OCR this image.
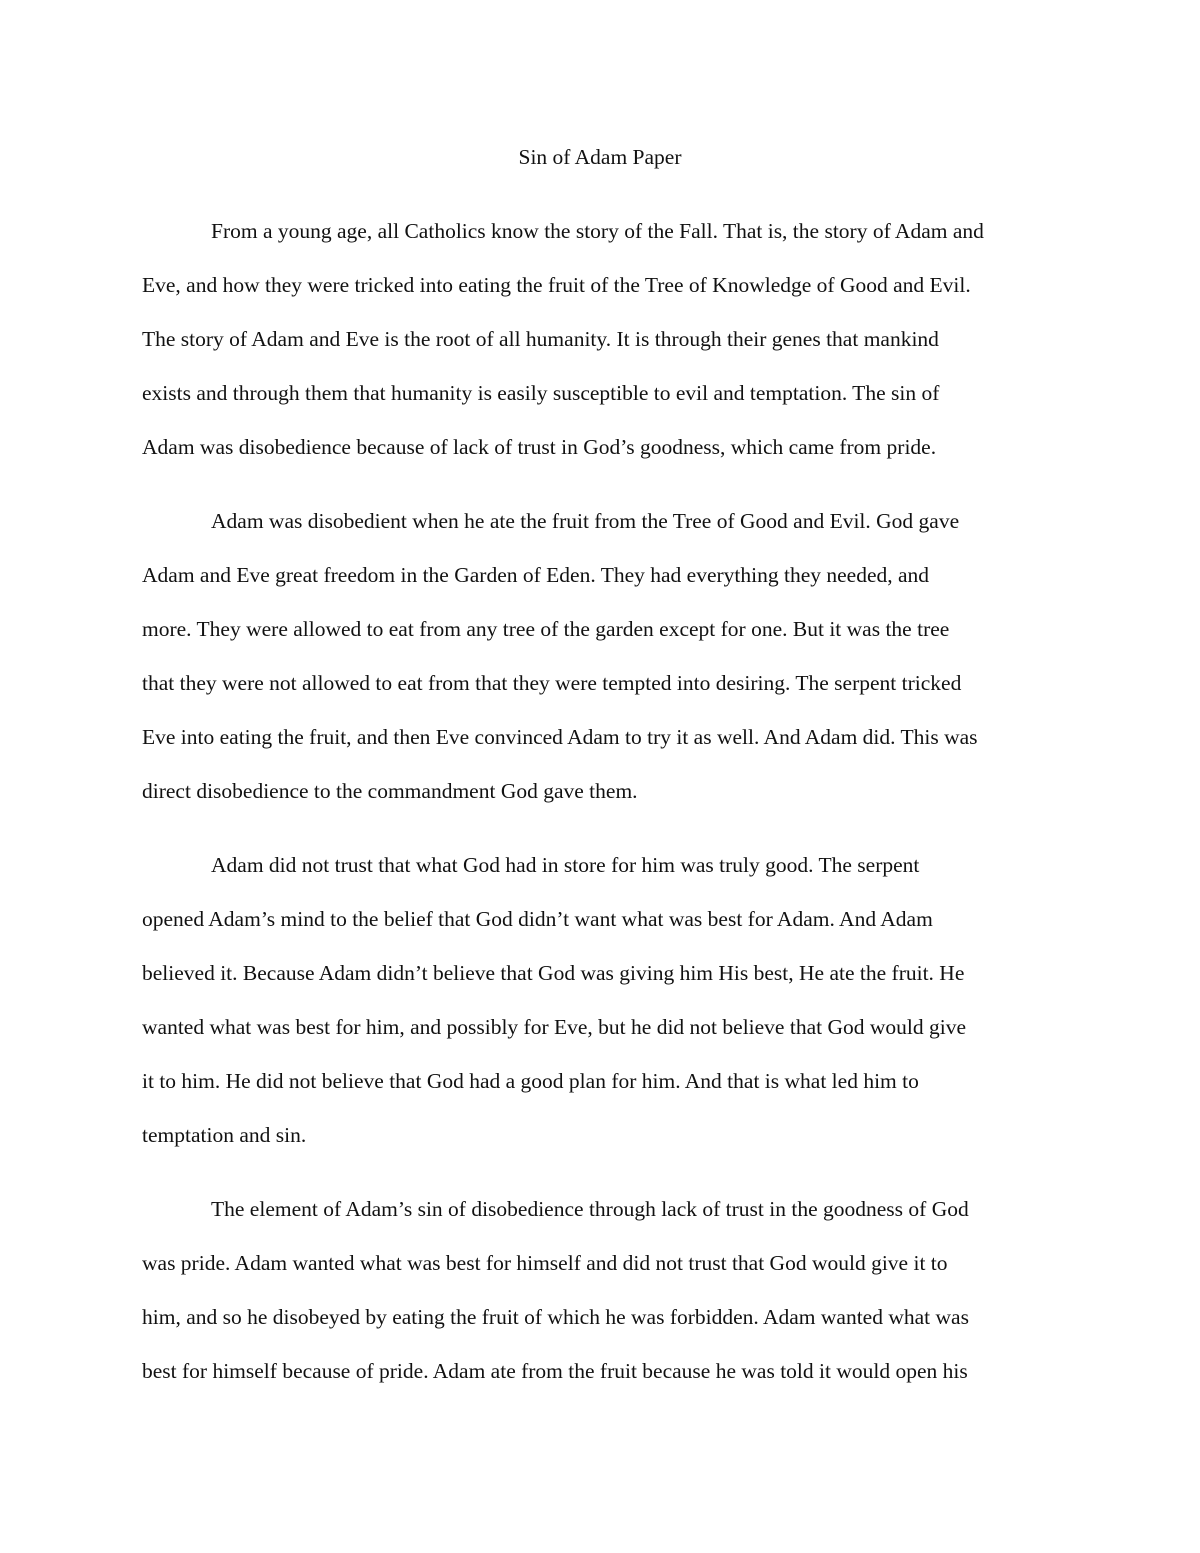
Sin of Adam Paper

From a young age, all Catholics know the story of the Fall. That is, the story of Adam and

Eve, and how they were tricked into eating the fruit of the Tree of Knowledge of Good and Evil.

The story of Adam and Eve is the root of all humanity. It is through their genes that mankind

exists and through them that humanity is easily susceptible to evil and temptation. The sin of

Adam was disobedience because of lack of trust in God’s goodness, which came from pride.

Adam was disobedient when he ate the fruit from the Tree of Good and Evil. God gave

Adam and Eve great freedom in the Garden of Eden. They had everything they needed, and

more. They were allowed to eat from any tree of the garden except for one. But it was the tree

that they were not allowed to eat from that they were tempted into desiring. The serpent tricked

Eve into eating the fruit, and then Eve convinced Adam to try it as well. And Adam did. This was

direct disobedience to the commandment God gave them.

Adam did not trust that what God had in store for him was truly good. The serpent

opened Adam’s mind to the belief that God didn’t want what was best for Adam. And Adam

believed it. Because Adam didn’t believe that God was giving him His best, He ate the fruit. He

wanted what was best for him, and possibly for Eve, but he did not believe that God would give

it to him. He did not believe that God had a good plan for him. And that is what led him to

temptation and sin.

The element of Adam’s sin of disobedience through lack of trust in the goodness of God

was pride. Adam wanted what was best for himself and did not trust that God would give it to

him, and so he disobeyed by eating the fruit of which he was forbidden. Adam wanted what was

best for himself because of pride. Adam ate from the fruit because he was told it would open his
